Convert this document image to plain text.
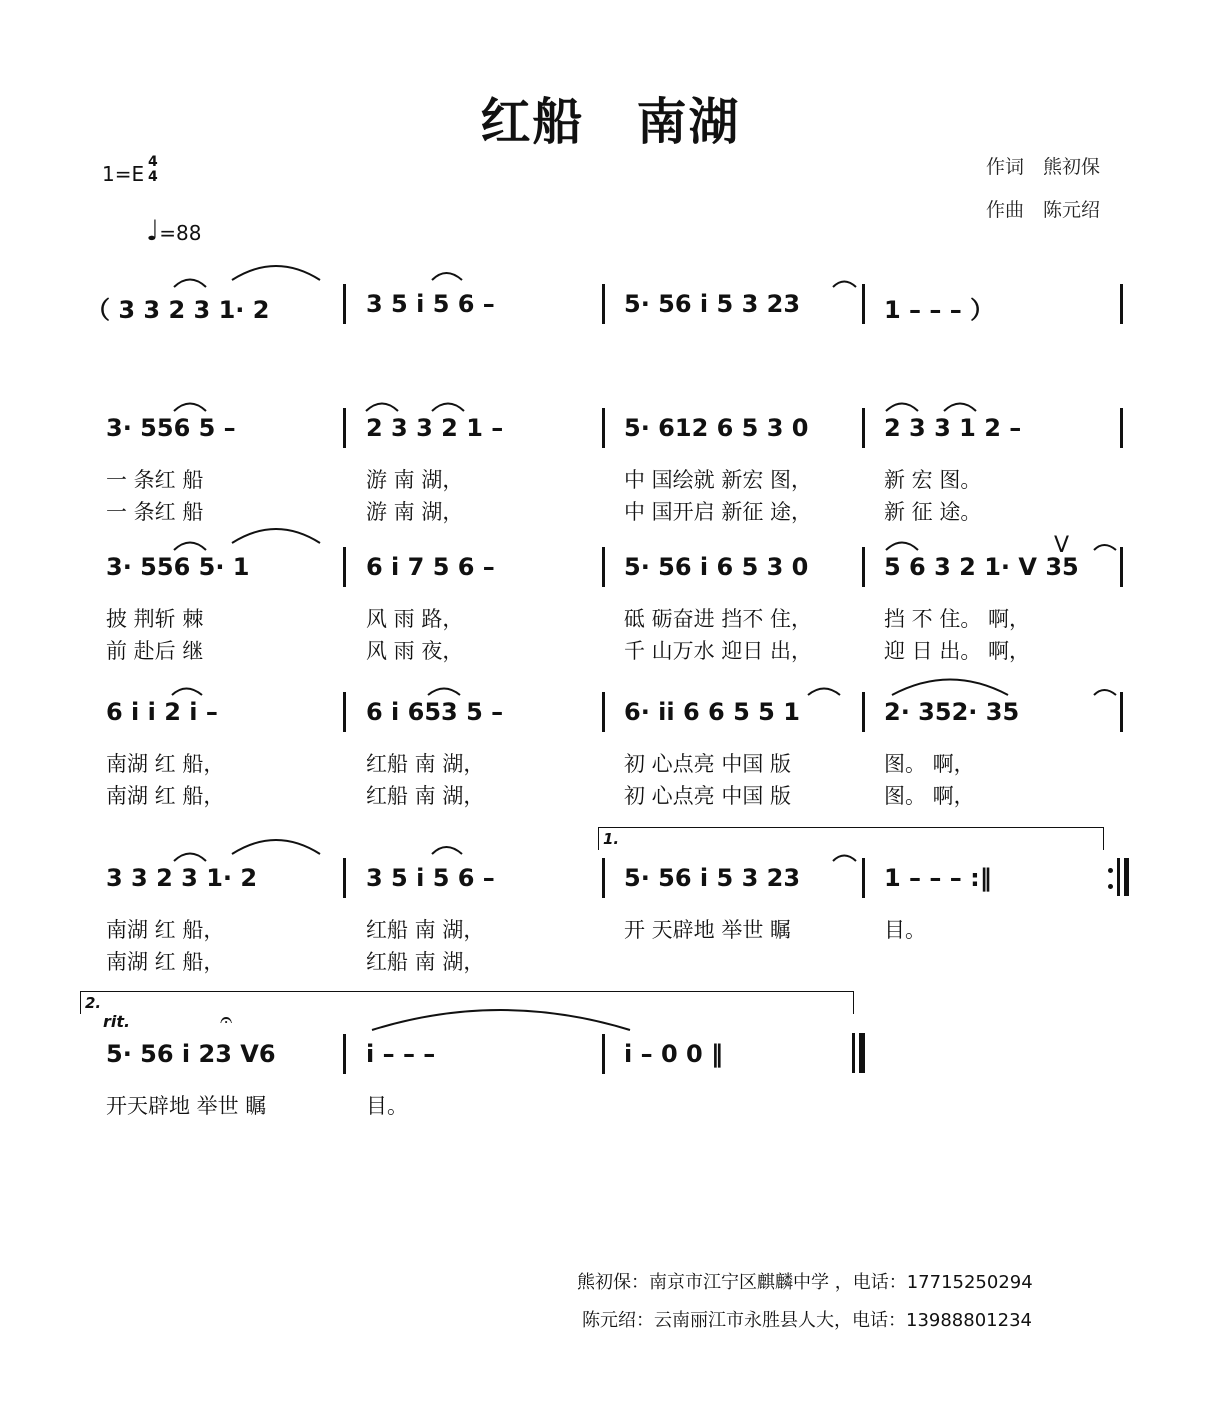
红船　南湖
1=E 4
4
♩=88
作词　熊初保
作曲　陈元绍
（ 3 3 2 3 1· 2	3 5 i 5 6 –	5· 56 i 5 3 23	1 – – – ）
3· 556 5 –	2 3 3 2 1 –	5· 612 6 5 3 0	2 3 3 1 2 –
一 条红 船	游 南 湖，	中 国绘就 新宏 图，	新 宏 图。
一 条红 船	游 南 湖，	中 国开启 新征 途，	新 征 途。
3· 556 5· 1	6 i 7 5 6 –	5· 56 i 6 5 3 0	5 6 3 2 1· V 35
披 荆斩 棘	风 雨 路，	砥 砺奋进 挡不 住，	挡 不 住。 啊，
前 赴后 继	风 雨 夜，	千 山万水 迎日 出，	迎 日 出。 啊，
6 i i 2 i –	6 i 653 5 –	6· ii 6 6 5 5 1	2· 352· 35
南湖 红 船，	红船 南 湖，	初 心点亮 中国 版	图。 啊，
南湖 红 船，	红船 南 湖，	初 心点亮 中国 版	图。 啊，
1.
3 3 2 3 1· 2	3 5 i 5 6 –	5· 56 i 5 3 23	1 – – – :‖
南湖 红 船，	红船 南 湖，	开 天辟地 举世 瞩	目。
南湖 红 船，	红船 南 湖，
2.
rit.	𝄐
5· 56 i 23 V6	i – – –	i – 0 0 ‖
开天辟地 举世 瞩	目。
V
熊初保：南京市江宁区麒麟中学 ，电话：17715250294
陈元绍：云南丽江市永胜县人大，电话：13988801234
